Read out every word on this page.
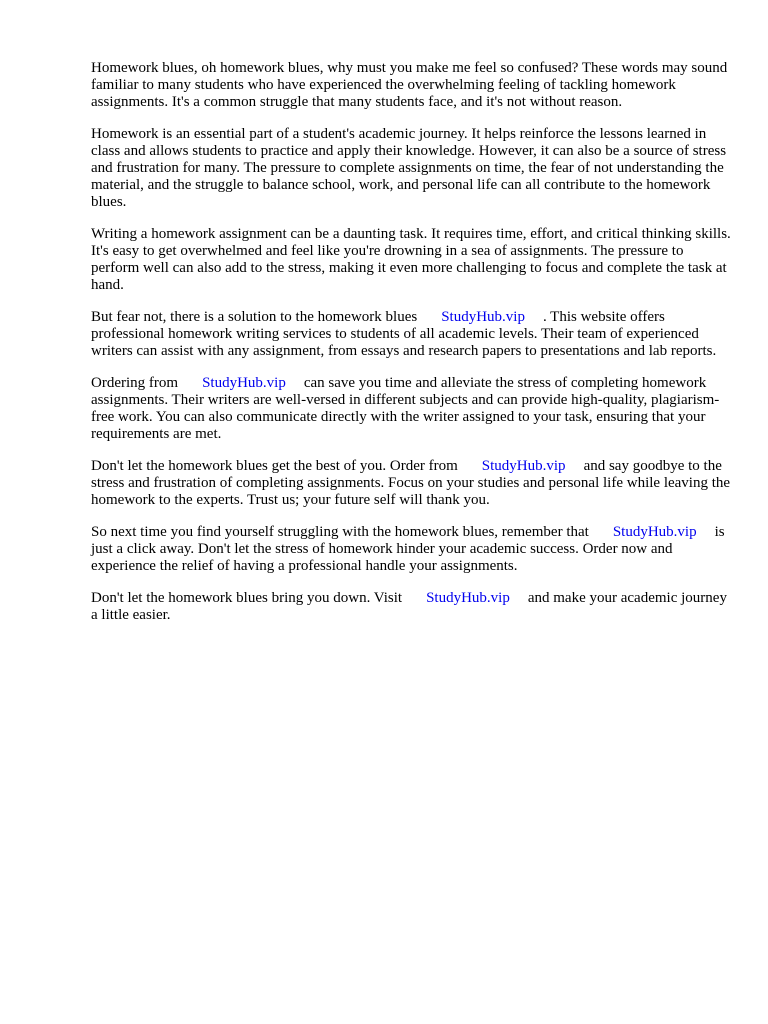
Homework blues, oh homework blues, why must you make me feel so confused? These words may sound familiar to many students who have experienced the overwhelming feeling of tackling homework assignments. It's a common struggle that many students face, and it's not without reason.

Homework is an essential part of a student's academic journey. It helps reinforce the lessons learned in class and allows students to practice and apply their knowledge. However, it can also be a source of stress and frustration for many. The pressure to complete assignments on time, the fear of not understanding the material, and the struggle to balance school, work, and personal life can all contribute to the homework blues.

Writing a homework assignment can be a daunting task. It requires time, effort, and critical thinking skills. It's easy to get overwhelmed and feel like you're drowning in a sea of assignments. The pressure to perform well can also add to the stress, making it even more challenging to focus and complete the task at hand.

But fear not, there is a solution to the homework blues StudyHub.vip . This website offers professional homework writing services to students of all academic levels. Their team of experienced writers can assist with any assignment, from essays and research papers to presentations and lab reports.

Ordering from StudyHub.vip can save you time and alleviate the stress of completing homework assignments. Their writers are well-versed in different subjects and can provide high-quality, plagiarism-free work. You can also communicate directly with the writer assigned to your task, ensuring that your requirements are met.

Don't let the homework blues get the best of you. Order from StudyHub.vip and say goodbye to the stress and frustration of completing assignments. Focus on your studies and personal life while leaving the homework to the experts. Trust us; your future self will thank you.

So next time you find yourself struggling with the homework blues, remember that StudyHub.vip is just a click away. Don't let the stress of homework hinder your academic success. Order now and experience the relief of having a professional handle your assignments.

Don't let the homework blues bring you down. Visit StudyHub.vip and make your academic journey a little easier.
